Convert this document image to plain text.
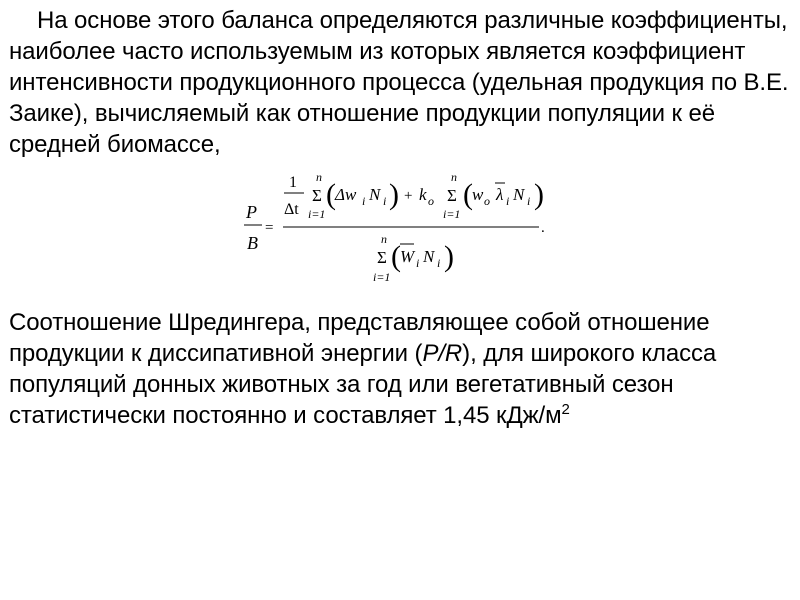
На основе этого баланса определяются различные коэффициенты, наиболее часто используемым из которых является коэффициент интенсивности продукционного процесса (удельная продукция по В.Е. Заике), вычисляемый как отношение продукции популяции к её средней биомассе,
P
B
=
1
Δt
n
Σ
i=1
( Δw i N i ) + k o
n
Σ
i=1
( w o λ i N i )
.
n
Σ
i=1
( W i N i )
Соотношение Шредингера, представляющее собой отношение продукции к диссипативной энергии (P/R), для широкого класса популяций донных животных за год или вегетативный сезон статистически постоянно и составляет 1,45 кДж/$м^2$
